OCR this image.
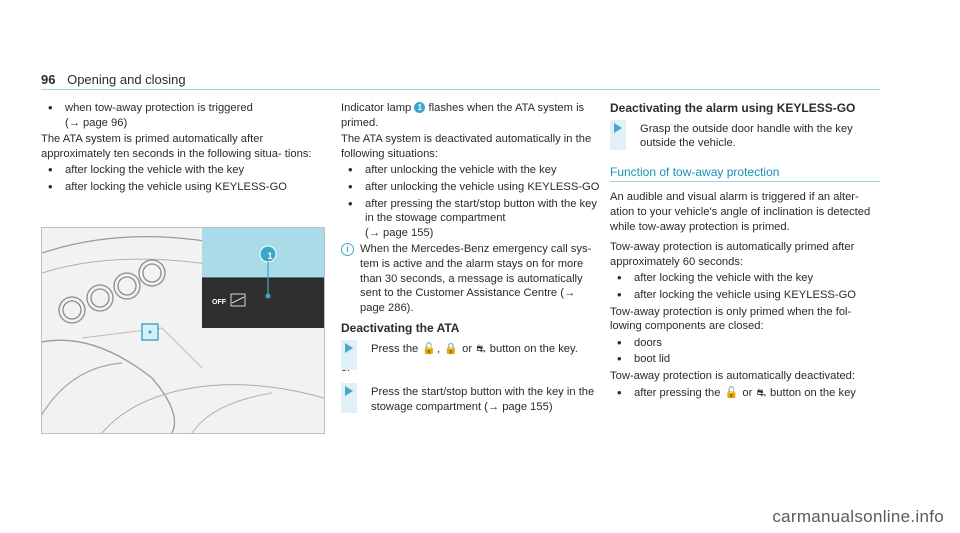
96 Opening and closing
• when tow-away protection is triggered
(→ page 96)

The ATA system is primed automatically after approximately ten seconds in the following situa- tions:

• after locking the vehicle with the key
• after locking the vehicle using KEYLESS-GO
OFF
1

Indicator lamp 1 flashes when the ATA system is primed.

The ATA system is deactivated automatically in the following situations:

• after unlocking the vehicle with the key
• after unlocking the vehicle using KEYLESS-GO
• after pressing the start/stop button with the key in the stowage compartment
(→ page 155)
i	When the Mercedes-Benz emergency call sys- tem is active and the alarm stays on for more than 30 seconds, a message is automatically sent to the Customer Assistance Centre (→ page 286).
Deactivating the ATA
Press the 🔓, 🔒 or ⛐ button on the key.

Press the start/stop button with the key in the stowage compartment (→ page 155)
Deactivating the alarm using KEYLESS-GO
Grasp the outside door handle with the key outside the vehicle.
Function of tow-away protection

An audible and visual alarm is triggered if an alter- ation to your vehicle's angle of inclination is detected while tow-away protection is primed.

Tow-away protection is automatically primed after approximately 60 seconds:

• after locking the vehicle with the key
• after locking the vehicle using KEYLESS-GO

Tow-away protection is only primed when the fol- lowing components are closed:

• doors
• boot lid

Tow-away protection is automatically deactivated:

• after pressing the 🔓 or ⛐ button on the key
carmanualsonline.info
